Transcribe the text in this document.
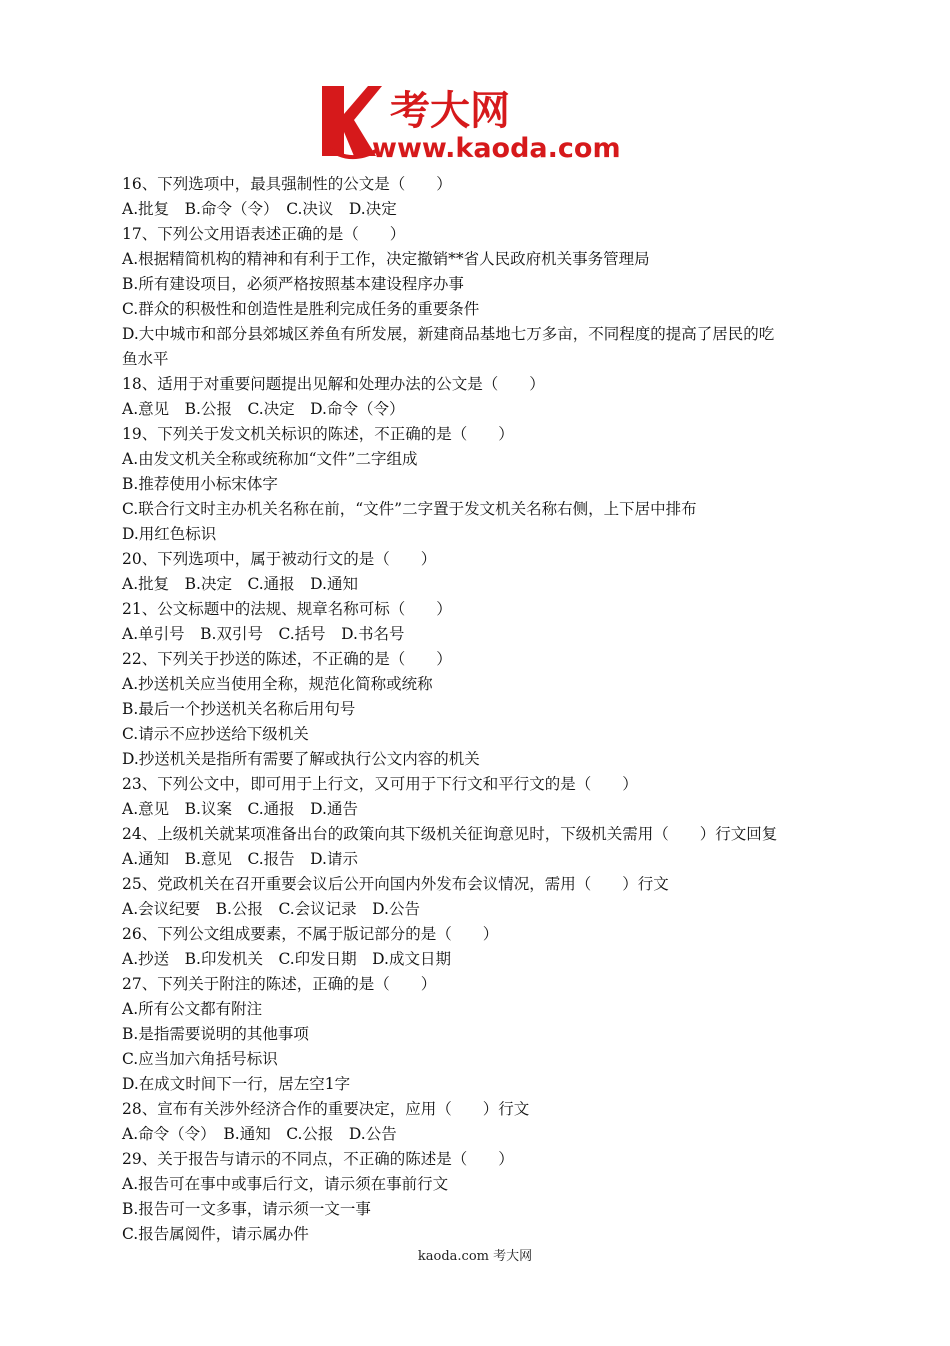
考大网
www.kaoda.com
16、下列选项中，最具强制性的公文是（　　）
A.批复　B.命令（令）　C.决议　D.决定
17、下列公文用语表述正确的是（　　）
A.根据精简机构的精神和有利于工作，决定撤销**省人民政府机关事务管理局
B.所有建设项目，必须严格按照基本建设程序办事
C.群众的积极性和创造性是胜利完成任务的重要条件
D.大中城市和部分县郊城区养鱼有所发展，新建商品基地七万多亩，不同程度的提高了居民的吃
鱼水平
18、适用于对重要问题提出见解和处理办法的公文是（　　）
A.意见　B.公报　C.决定　D.命令（令）
19、下列关于发文机关标识的陈述，不正确的是（　　）
A.由发文机关全称或统称加“文件”二字组成
B.推荐使用小标宋体字
C.联合行文时主办机关名称在前，“文件”二字置于发文机关名称右侧，上下居中排布
D.用红色标识
20、下列选项中，属于被动行文的是（　　）
A.批复　B.决定　C.通报　D.通知
21、公文标题中的法规、规章名称可标（　　）
A.单引号　B.双引号　C.括号　D.书名号
22、下列关于抄送的陈述，不正确的是（　　）
A.抄送机关应当使用全称，规范化简称或统称
B.最后一个抄送机关名称后用句号
C.请示不应抄送给下级机关
D.抄送机关是指所有需要了解或执行公文内容的机关
23、下列公文中，即可用于上行文，又可用于下行文和平行文的是（　　）
A.意见　B.议案　C.通报　D.通告
24、上级机关就某项准备出台的政策向其下级机关征询意见时，下级机关需用（　　）行文回复
A.通知　B.意见　C.报告　D.请示
25、党政机关在召开重要会议后公开向国内外发布会议情况，需用（　　）行文
A.会议纪要　B.公报　C.会议记录　D.公告
26、下列公文组成要素，不属于版记部分的是（　　）
A.抄送　B.印发机关　C.印发日期　D.成文日期
27、下列关于附注的陈述，正确的是（　　）
A.所有公文都有附注
B.是指需要说明的其他事项
C.应当加六角括号标识
D.在成文时间下一行，居左空1字
28、宣布有关涉外经济合作的重要决定，应用（　　）行文
A.命令（令）　B.通知　C.公报　D.公告
29、关于报告与请示的不同点，不正确的陈述是（　　）
A.报告可在事中或事后行文，请示须在事前行文
B.报告可一文多事，请示须一文一事
C.报告属阅件，请示属办件
kaoda.com 考大网
